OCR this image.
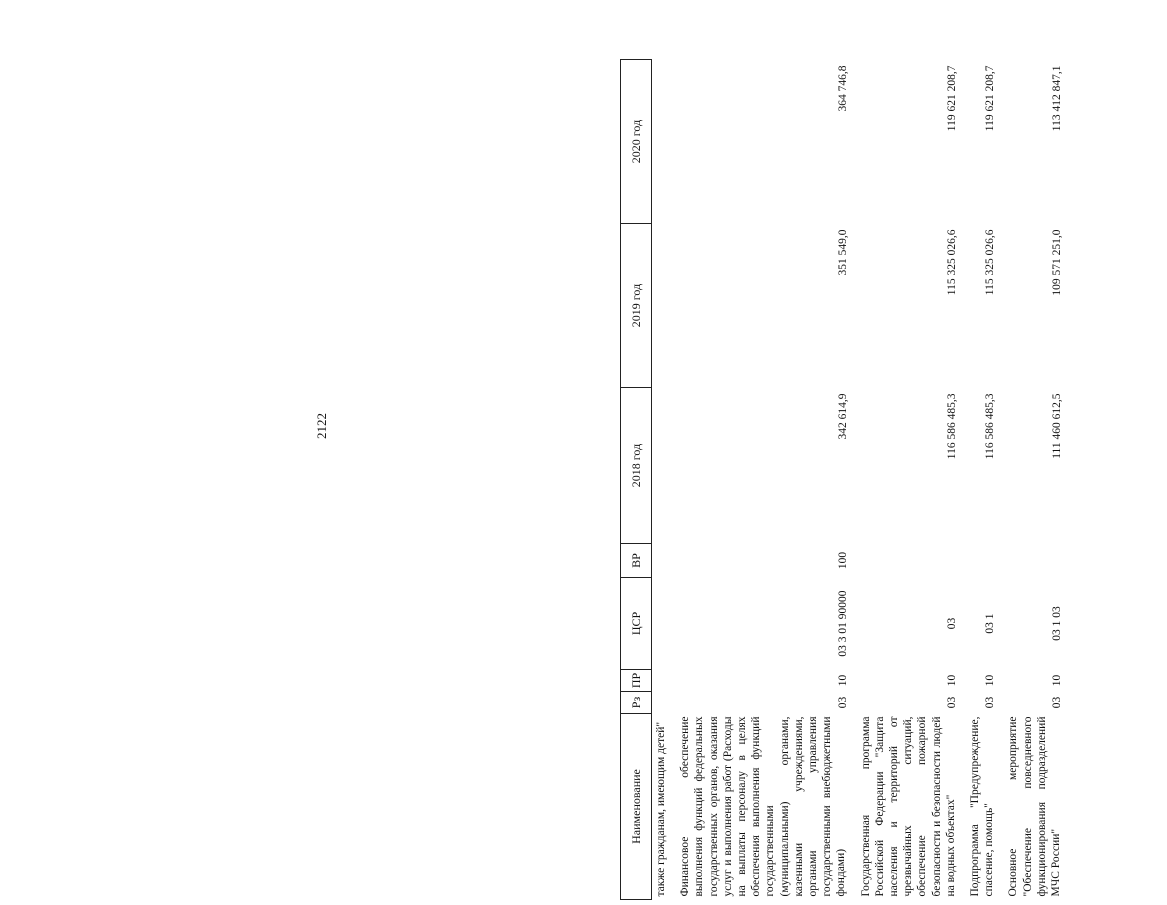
2122
Наименование	Рз	ПР	ЦСР	ВР	2018 год	2019 год	2020 год
также гражданам, имеющим детей"							
Финансовое обеспечение выполнения функций федеральных государственных органов, оказания услуг и выполнения работ (Расходы на выплаты персоналу в целях обеспечения выполнения функций государственными (муниципальными) органами, казенными учреждениями, органами управления государственными внебюджетными фондами)	03	10	03 3 01 90000	100	342 614,9	351 549,0	364 746,8
Государственная программа Российской Федерации "Защита населения и территорий от чрезвычайных ситуаций, обеспечение пожарной безопасности и безопасности людей на водных объектах"	03	10	03		116 586 485,3	115 325 026,6	119 621 208,7
Подпрограмма "Предупреждение, спасение, помощь"	03	10	03 1		116 586 485,3	115 325 026,6	119 621 208,7
Основное мероприятие "Обеспечение повседневного функционирования подразделений МЧС России"	03	10	03 1 03		111 460 612,5	109 571 251,0	113 412 847,1
